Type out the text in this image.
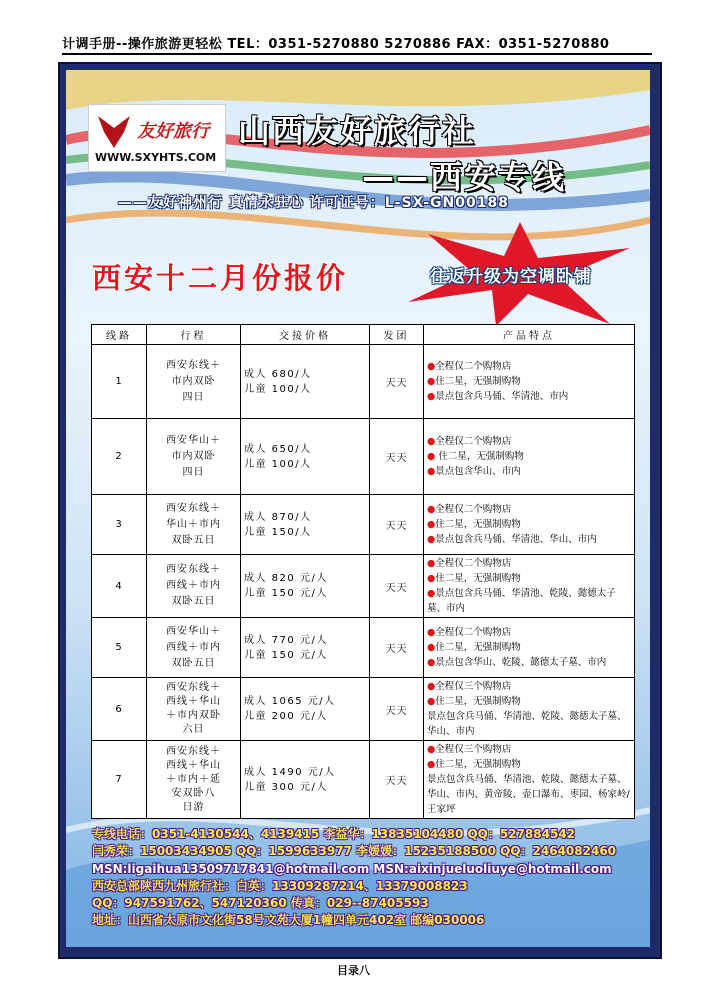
计调手册--操作旅游更轻松 TEL：0351-5270880 5270886 FAX：0351-5270880
友好旅行
WWW.SXYHTS.COM
山西友好旅行社
——西安专线
——友好神州行 真情永驻心 许可证号：L-SX-GN00188
西安十二月份报价	往返升级为空调卧铺
线路	行程	交接价格	发团	产品特点
1	西安东线＋
市内双卧
四日	成人 680/人
儿童 100/人	天天	●全程仅二个购物店
●住二星，无强制购物
●景点包含兵马俑、华清池、市内

2	西安华山＋
市内双卧
四日	成人 650/人
儿童 100/人	天天	●全程仅二个购物店
● 住二星，无强制购物
●景点包含华山、市内

3	西安东线＋
华山＋市内
双卧五日	成人 870/人
儿童 150/人	天天	●全程仅二个购物店
●住二星，无强制购物
●景点包含兵马俑、华清池、华山、市内

4	西安东线＋
西线＋市内
双卧五日	成人 820 元/人
儿童 150 元/人	天天	●全程仅二个购物店
●住二星，无强制购物
●景点包含兵马俑、华清池、乾陵、懿德太子墓、市内

5	西安华山＋
西线＋市内
双卧五日	成人 770 元/人
儿童 150 元/人	天天	●全程仅二个购物店
●住二星，无强制购物
●景点包含华山、乾陵、懿德太子墓、市内

6	西安东线＋
西线＋华山
＋市内双卧
六日	成人 1065 元/人
儿童 200 元/人	天天	●全程仅三个购物店
●住二星，无强制购物
景点包含兵马俑、华清池、乾陵、懿德太子墓、华山、市内

7	西安东线＋
西线＋华山
＋市内＋延
安双卧八
日游	成人 1490 元/人
儿童 300 元/人	天天	●全程仅三个购物店
●住二星，无强制购物
景点包含兵马俑、华清池、乾陵、懿德太子墓、华山、市内、黄帝陵、壶口瀑布、枣园、杨家岭/王家坪
专线电话：0351-4130544、4139415 李益华：13835104480 QQ：527884542
闫秀荣：15003434905 QQ：1599633977 李媛媛：15235188500 QQ：2464082460
MSN:ligaihua13509717841@hotmail.com MSN:aixinjueluoliuye@hotmail.com
西安总部陕西九州旅行社：白英：13309287214、13379008823
QQ：947591762、547120360 传真：029--87405593
地址：山西省太原市文化街58号文苑大厦1幢四单元402室 邮编030006
目录八
